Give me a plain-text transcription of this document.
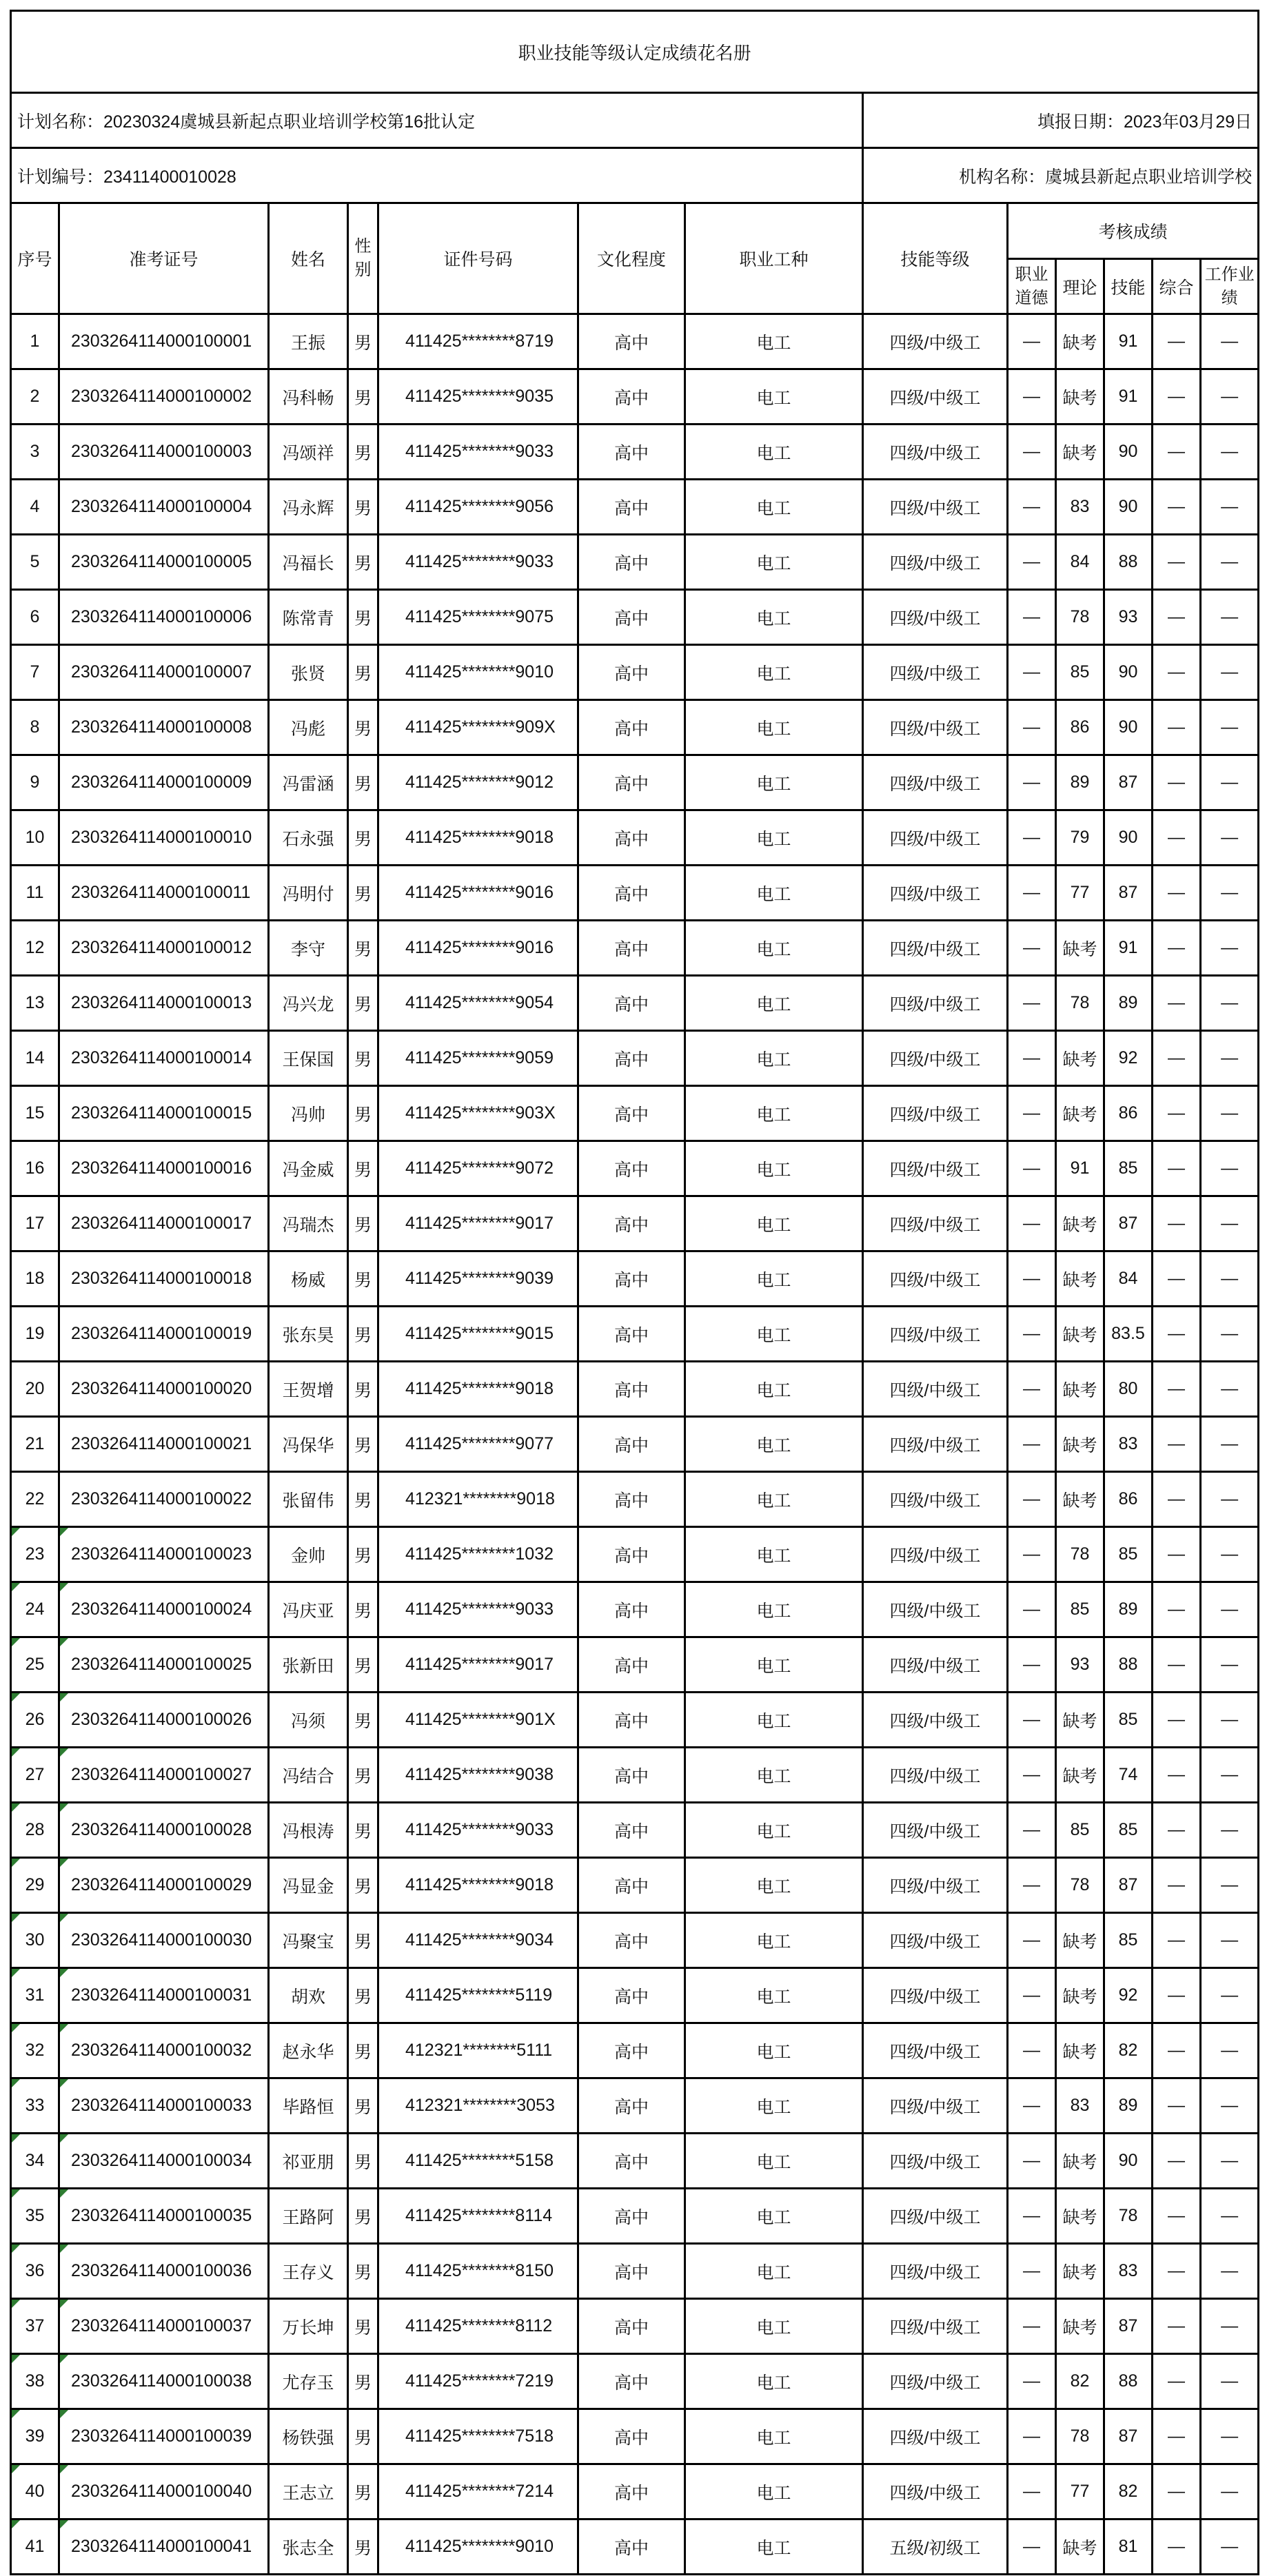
职业技能等级认定成绩花名册												
计划名称：20230324虞城县新起点职业培训学校第16批认定							填报日期：2023年03月29日					
计划编号：23411400010028							机构名称：虞城县新起点职业培训学校					
序号	准考证号	姓名	性别	证件号码	文化程度	职业工种	技能等级	考核成绩				
								职业道德	理论	技能	综合	工作业绩
1	2303264114000100001	王振	男	411425********8719	高中	电工	四级/中级工	—	缺考	91	—	—
2	2303264114000100002	冯科畅	男	411425********9035	高中	电工	四级/中级工	—	缺考	91	—	—
3	2303264114000100003	冯颂祥	男	411425********9033	高中	电工	四级/中级工	—	缺考	90	—	—
4	2303264114000100004	冯永辉	男	411425********9056	高中	电工	四级/中级工	—	83	90	—	—
5	2303264114000100005	冯福长	男	411425********9033	高中	电工	四级/中级工	—	84	88	—	—
6	2303264114000100006	陈常青	男	411425********9075	高中	电工	四级/中级工	—	78	93	—	—
7	2303264114000100007	张贤	男	411425********9010	高中	电工	四级/中级工	—	85	90	—	—
8	2303264114000100008	冯彪	男	411425********909X	高中	电工	四级/中级工	—	86	90	—	—
9	2303264114000100009	冯雷涵	男	411425********9012	高中	电工	四级/中级工	—	89	87	—	—
10	2303264114000100010	石永强	男	411425********9018	高中	电工	四级/中级工	—	79	90	—	—
11	2303264114000100011	冯明付	男	411425********9016	高中	电工	四级/中级工	—	77	87	—	—
12	2303264114000100012	李守	男	411425********9016	高中	电工	四级/中级工	—	缺考	91	—	—
13	2303264114000100013	冯兴龙	男	411425********9054	高中	电工	四级/中级工	—	78	89	—	—
14	2303264114000100014	王保国	男	411425********9059	高中	电工	四级/中级工	—	缺考	92	—	—
15	2303264114000100015	冯帅	男	411425********903X	高中	电工	四级/中级工	—	缺考	86	—	—
16	2303264114000100016	冯金威	男	411425********9072	高中	电工	四级/中级工	—	91	85	—	—
17	2303264114000100017	冯瑞杰	男	411425********9017	高中	电工	四级/中级工	—	缺考	87	—	—
18	2303264114000100018	杨威	男	411425********9039	高中	电工	四级/中级工	—	缺考	84	—	—
19	2303264114000100019	张东昊	男	411425********9015	高中	电工	四级/中级工	—	缺考	83.5	—	—
20	2303264114000100020	王贺增	男	411425********9018	高中	电工	四级/中级工	—	缺考	80	—	—
21	2303264114000100021	冯保华	男	411425********9077	高中	电工	四级/中级工	—	缺考	83	—	—
22	2303264114000100022	张留伟	男	412321********9018	高中	电工	四级/中级工	—	缺考	86	—	—
23	2303264114000100023	金帅	男	411425********1032	高中	电工	四级/中级工	—	78	85	—	—
24	2303264114000100024	冯庆亚	男	411425********9033	高中	电工	四级/中级工	—	85	89	—	—
25	2303264114000100025	张新田	男	411425********9017	高中	电工	四级/中级工	—	93	88	—	—
26	2303264114000100026	冯须	男	411425********901X	高中	电工	四级/中级工	—	缺考	85	—	—
27	2303264114000100027	冯结合	男	411425********9038	高中	电工	四级/中级工	—	缺考	74	—	—
28	2303264114000100028	冯根涛	男	411425********9033	高中	电工	四级/中级工	—	85	85	—	—
29	2303264114000100029	冯显金	男	411425********9018	高中	电工	四级/中级工	—	78	87	—	—
30	2303264114000100030	冯聚宝	男	411425********9034	高中	电工	四级/中级工	—	缺考	85	—	—
31	2303264114000100031	胡欢	男	411425********5119	高中	电工	四级/中级工	—	缺考	92	—	—
32	2303264114000100032	赵永华	男	412321********5111	高中	电工	四级/中级工	—	缺考	82	—	—
33	2303264114000100033	毕路恒	男	412321********3053	高中	电工	四级/中级工	—	83	89	—	—
34	2303264114000100034	祁亚朋	男	411425********5158	高中	电工	四级/中级工	—	缺考	90	—	—
35	2303264114000100035	王路阿	男	411425********8114	高中	电工	四级/中级工	—	缺考	78	—	—
36	2303264114000100036	王存义	男	411425********8150	高中	电工	四级/中级工	—	缺考	83	—	—
37	2303264114000100037	万长坤	男	411425********8112	高中	电工	四级/中级工	—	缺考	87	—	—
38	2303264114000100038	尤存玉	男	411425********7219	高中	电工	四级/中级工	—	82	88	—	—
39	2303264114000100039	杨铁强	男	411425********7518	高中	电工	四级/中级工	—	78	87	—	—
40	2303264114000100040	王志立	男	411425********7214	高中	电工	四级/中级工	—	77	82	—	—
41	2303264114000100041	张志全	男	411425********9010	高中	电工	五级/初级工	—	缺考	81	—	—
